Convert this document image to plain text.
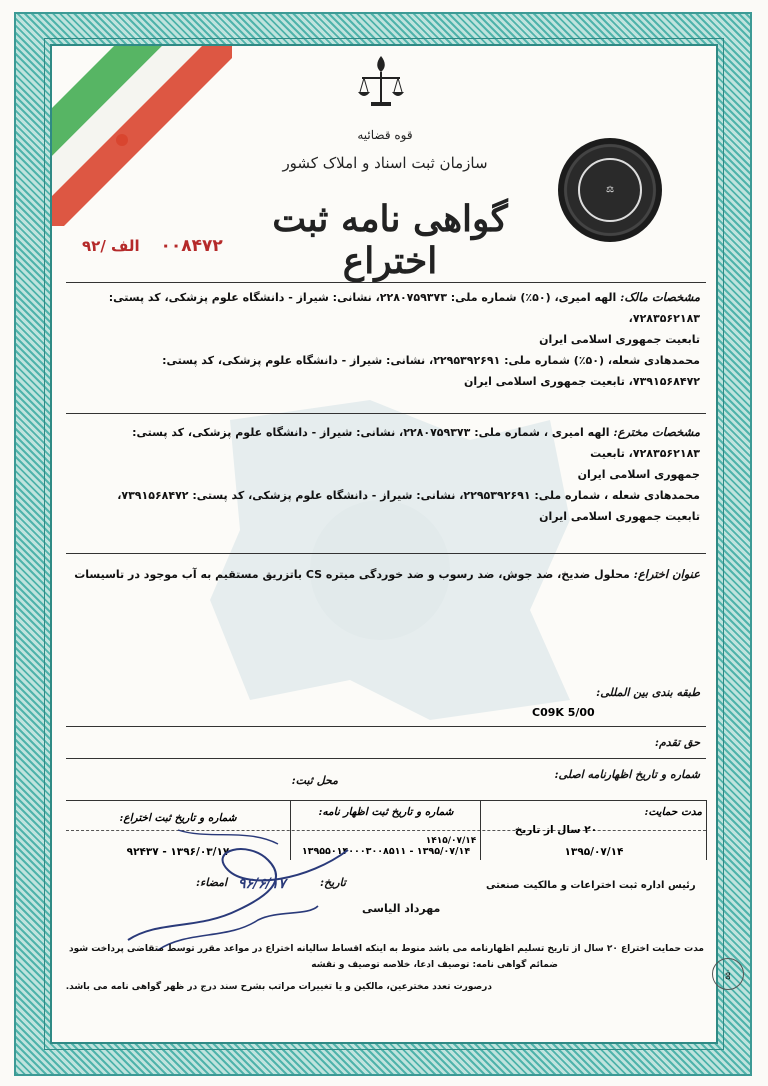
قوه قضائیه
سازمان ثبت اسناد و املاک کشور
گواهی نامه ثبت اختراع
۰۰۸۴۷۲    الف /۹۲
⚖

مشخصات مالک: الهه امیری، (۵۰٪) شماره ملی: ۲۲۸۰۷۵۹۳۷۳، نشانی: شیراز - دانشگاه علوم پزشکی، کد پستی: ۷۲۸۳۵۶۲۱۸۳،

تابعیت جمهوری اسلامی ایران

محمدهادی شعله، (۵۰٪) شماره ملی: ۲۲۹۵۳۹۲۶۹۱، نشانی: شیراز - دانشگاه علوم پزشکی، کد پستی:

۷۳۹۱۵۶۸۴۷۲، تابعیت جمهوری اسلامی ایران

مشخصات مخترع: الهه امیری ، شماره ملی: ۲۲۸۰۷۵۹۳۷۳، نشانی: شیراز - دانشگاه علوم پزشکی، کد پستی: ۷۲۸۳۵۶۲۱۸۳، تابعیت

جمهوری اسلامی ایران

محمدهادی شعله ، شماره ملی: ۲۲۹۵۳۹۲۶۹۱، نشانی: شیراز - دانشگاه علوم پزشکی، کد پستی: ۷۳۹۱۵۶۸۴۷۲،

تابعیت جمهوری اسلامی ایران

عنوان اختراع: محلول ضدیخ، ضد جوش، ضد رسوب و ضد خوردگی میتره CS باتزریق مستقیم به آب موجود در تاسیسات

طبقه بندی بین المللی:
C09K 5/00
حق تقدم:
شماره و تاریخ اظهارنامه اصلی:
محل ثبت:
مدت حمایت:
۲۰ سال از تاریخ
۱۳۹۵/۰۷/۱۴
شماره و تاریخ ثبت اظهار نامه:
۱۳۹۵/۰۷/۱۴ - ۱۳۹۵۵۰۱۴۰۰۰۳۰۰۸۵۱۱
۱۴۱۵/۰۷/۱۴
شماره و تاریخ ثبت اختراع:
۱۳۹۶/۰۳/۱۷ - ۹۲۴۳۷
تاریخ:
۹۶/۶/۱۷
امضاء:	رئیس اداره ثبت اختراعات و مالکیت صنعتی
مهرداد الیاسی
مدت حمایت اختراع ۲۰ سال از تاریخ تسلیم اظهارنامه می باشد منوط به اینکه اقساط سالیانه اختراع در مواعد مقرر توسط متقاضی پرداخت شود
ضمائم گواهی نامه: توصیف ادعا، خلاصه توصیف و نقشه
درصورت تعدد مخترعین، مالکین و یا تغییرات مراتب بشرح سند درج در ظهر گواهی نامه می باشد.
۵۵۰
